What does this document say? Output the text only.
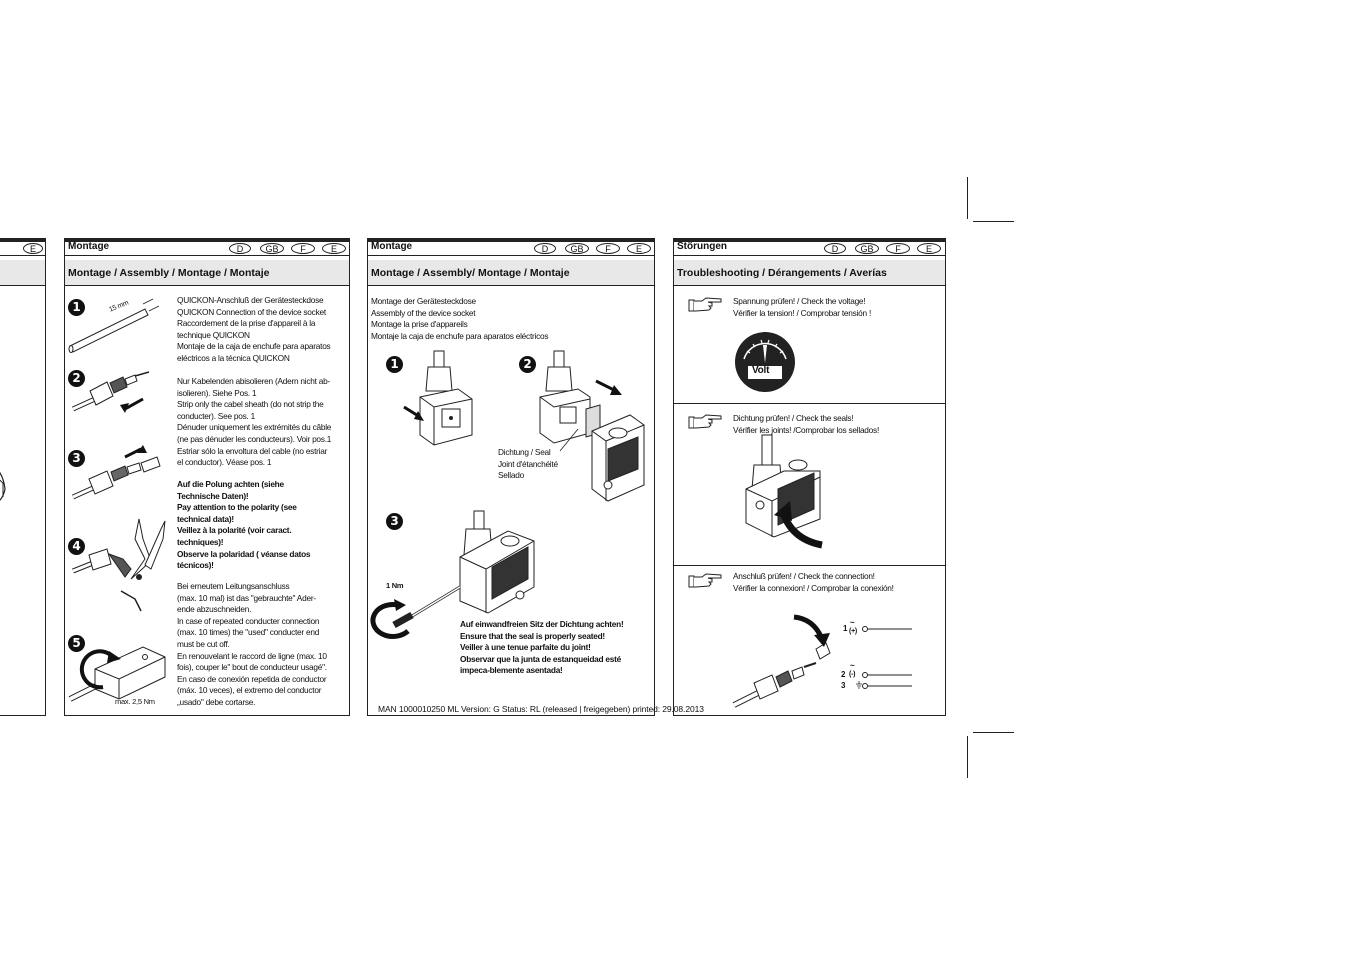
E	Montage	D	GB	F	E
Montage / Assembly / Montage / Montaje
1
2
3
4
5
15 mm
max. 2,5 Nm

QUICKON-Anschluß der Gerätesteckdose

QUICKON Connection of the device socket

Raccordement de la prise d'appareil à la

technique QUICKON

Montaje de la caja de enchufe para aparatos

eléctricos a la técnica QUICKON

Nur Kabelenden abisolieren (Adern nicht ab-

isolieren). Siehe Pos. 1

Strip only the cabel sheath (do not strip the

conducter). See pos. 1

Dénuder uniquement les extrémités du câble

(ne pas dénuder les conducteurs). Voir pos.1

Estriar sólo la envoltura del cable (no estriar

el conductor). Véase pos. 1

Auf die Polung achten (siehe

Technische Daten)!

Pay attention to the polarity (see

technical data)!

Veillez à la polarité (voir caract.

techniques)!

Observe la polaridad ( véanse datos

técnicos)!

Bei erneutem Leitungsanschluss

(max. 10 mal) ist das "gebrauchte" Ader-

ende abzuschneiden.

In case of repeated conducter connection

(max. 10 times) the "used" conducter end

must be cut off.

En renouvelant le raccord de ligne (max. 10

fois), couper le" bout de conducteur usagé".

En caso de conexión repetida de conductor

(máx. 10 veces), el extremo del conductor

„usado" debe cortarse.

Montage	D	GB	F	E
Montage / Assembly/ Montage / Montaje

Montage der Gerätesteckdose

Assembly of the device socket

Montage la prise d'appareils

Montaje la caja de enchufe para aparatos eléctricos

1	2
3

Dichtung / Seal

Joint d'étanchéité

Sellado

1 Nm

Auf einwandfreien Sitz der Dichtung achten!

Ensure that the seal is properly seated!

Veiller à une tenue parfaite du joint!

Observar que la junta de estanqueidad esté

impeca-blemente asentada!

Störungen	D	GB	F	E
Troubleshooting / Dérangements / Averías

Spannung prüfen! / Check the voltage!

Vérifier la tension! / Comprobar tensión !

Volt

Dichtung prüfen! / Check the seals!

Vérifier les joints! /Comprobar los sellados!

Anschluß prüfen! / Check the connection!

Vérifier la connexion! / Comprobar la conexión!

~
1 (+)
~
2 (-)
3
MAN 1000010250 ML Version: G Status: RL (released | freigegeben) printed: 29.08.2013
